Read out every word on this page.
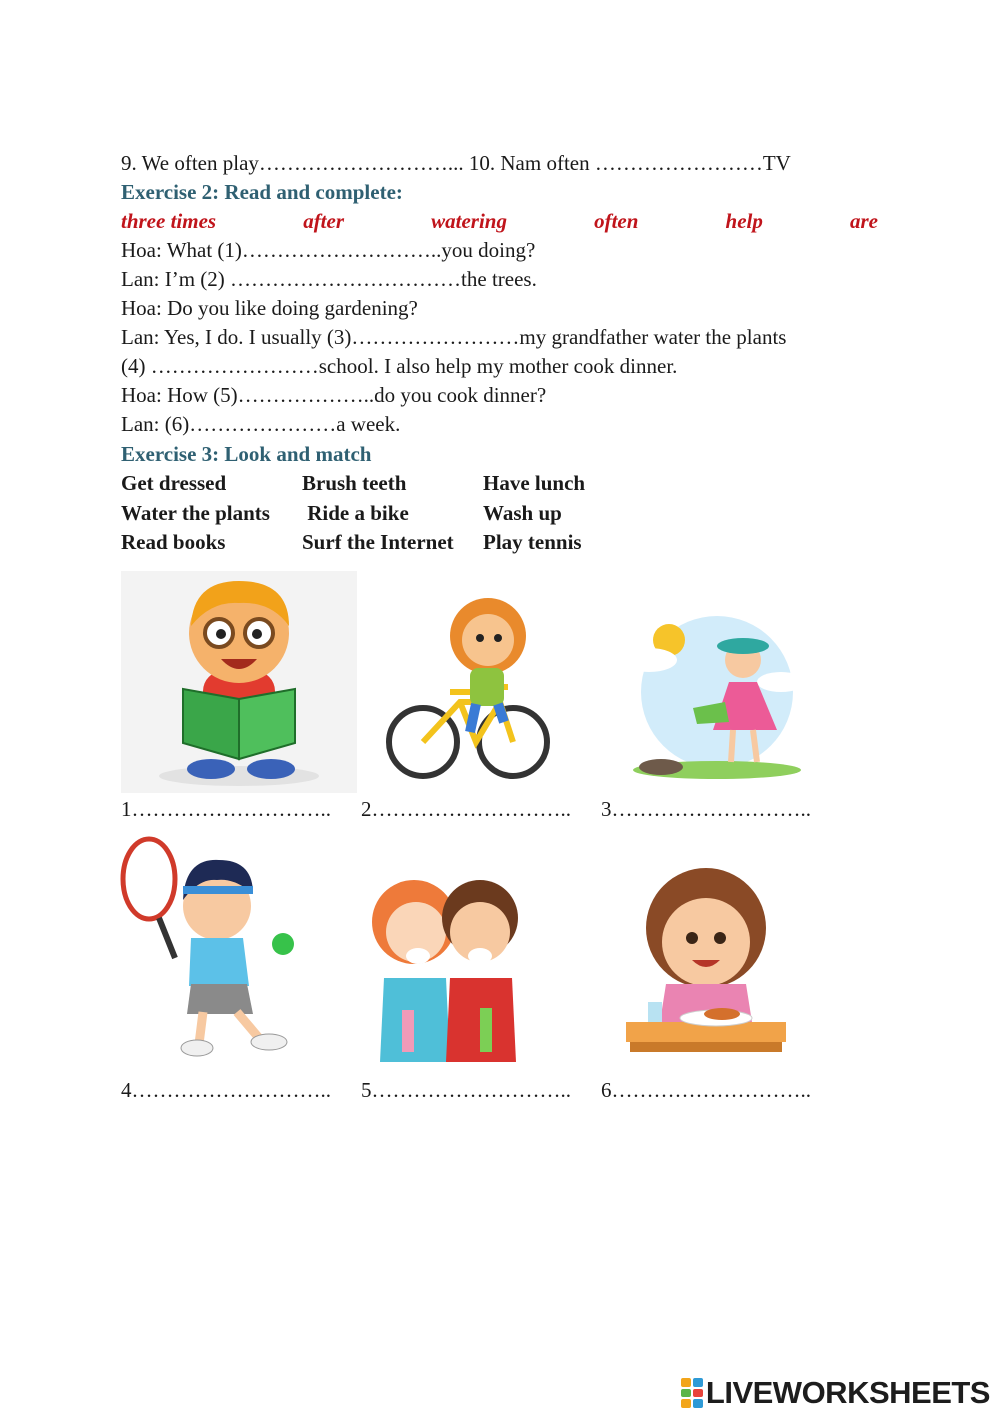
9. We often play………………………... 10. Nam often ……………………TV
Exercise 2: Read and complete:
three times	after	watering	often	help	are
Hoa: What (1)………………………..you doing?
Lan: I’m (2) ……………………………the trees.
Hoa: Do you like doing gardening?
Lan: Yes, I do. I usually (3)……………………my grandfather water the plants
(4) ……………………school. I also help my mother cook dinner.
Hoa: How (5)………………..do you cook dinner?
Lan: (6)…………………a week.
Exercise 3: Look and match
Get dressed	Brush teeth	Have lunch
Water the plants	Ride a bike	Wash up
Read books	Surf the Internet	Play tennis
1……………………….. 2……………………….. 3………………………..
4……………………….. 5……………………….. 6………………………..
LIVEWORKSHEETS
